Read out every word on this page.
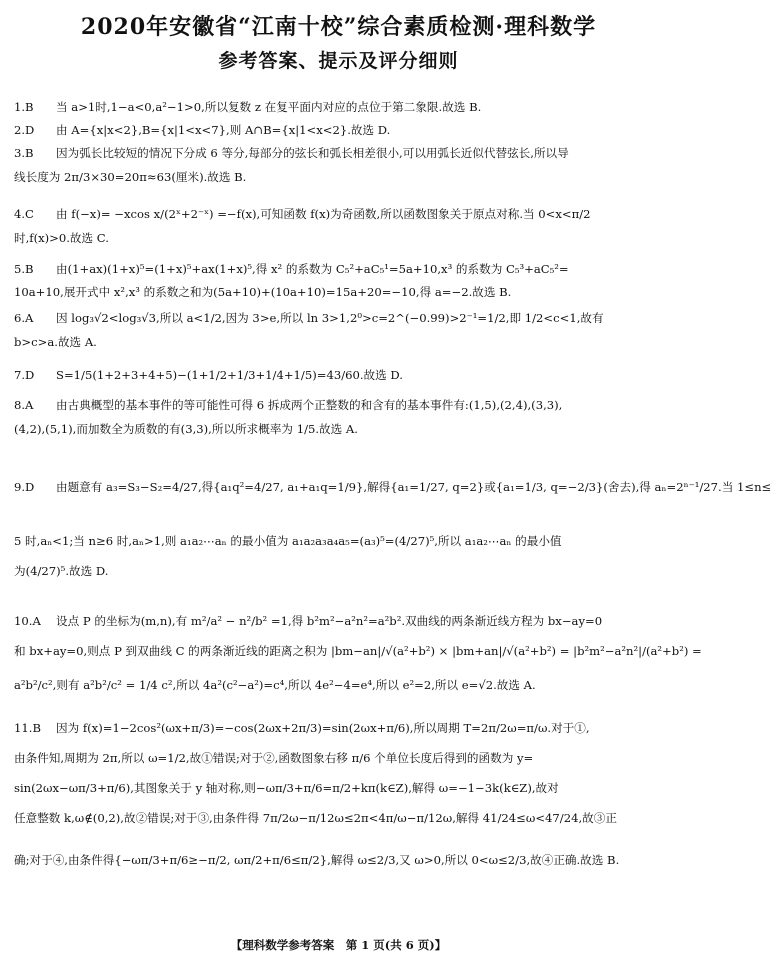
2020年安徽省“江南十校”综合素质检测·理科数学
参考答案、提示及评分细则
1.B 当 a>1时,1−a<0,a²−1>0,所以复数 z 在复平面内对应的点位于第二象限.故选 B.
2.D 由 A={x|x<2},B={x|1<x<7},则 A∩B={x|1<x<2}.故选 D.
3.B 因为弧长比较短的情况下分成 6 等分,每部分的弦长和弧长相差很小,可以用弧长近似代替弦长,所以导
线长度为 2π/3×30=20π≈63(厘米).故选 B.
4.C 由 f(−x)= −xcos x/(2ˣ+2⁻ˣ) =−f(x),可知函数 f(x)为奇函数,所以函数图象关于原点对称.当 0<x<π/2
时,f(x)>0.故选 C.
5.B 由(1+ax)(1+x)⁵=(1+x)⁵+ax(1+x)⁵,得 x² 的系数为 C₅²+aC₅¹=5a+10,x³ 的系数为 C₅³+aC₅²=
10a+10,展开式中 x²,x³ 的系数之和为(5a+10)+(10a+10)=15a+20=−10,得 a=−2.故选 B.
6.A 因 log₃√2<log₃√3,所以 a<1/2,因为 3>e,所以 ln 3>1,2⁰>c=2^(−0.99)>2⁻¹=1/2,即 1/2<c<1,故有
b>c>a.故选 A.
7.D S=1/5(1+2+3+4+5)−(1+1/2+1/3+1/4+1/5)=43/60.故选 D.
8.A 由古典概型的基本事件的等可能性可得 6 拆成两个正整数的和含有的基本事件有:(1,5),(2,4),(3,3),
(4,2),(5,1),而加数全为质数的有(3,3),所以所求概率为 1/5.故选 A.
9.D 由题意有 a₃=S₃−S₂=4/27,得{a₁q²=4/27, a₁+a₁q=1/9},解得{a₁=1/27, q=2}或{a₁=1/3, q=−2/3}(舍去),得 aₙ=2ⁿ⁻¹/27.当 1≤n≤
5 时,aₙ<1;当 n≥6 时,aₙ>1,则 a₁a₂⋯aₙ 的最小值为 a₁a₂a₃a₄a₅=(a₃)⁵=(4/27)⁵,所以 a₁a₂⋯aₙ 的最小值
为(4/27)⁵.故选 D.
10.A 设点 P 的坐标为(m,n),有 m²/a² − n²/b² =1,得 b²m²−a²n²=a²b².双曲线的两条渐近线方程为 bx−ay=0
和 bx+ay=0,则点 P 到双曲线 C 的两条渐近线的距离之积为 |bm−an|/√(a²+b²) × |bm+an|/√(a²+b²) = |b²m²−a²n²|/(a²+b²) =
a²b²/c²,则有 a²b²/c² = 1/4 c²,所以 4a²(c²−a²)=c⁴,所以 4e²−4=e⁴,所以 e²=2,所以 e=√2.故选 A.
11.B 因为 f(x)=1−2cos²(ωx+π/3)=−cos(2ωx+2π/3)=sin(2ωx+π/6),所以周期 T=2π/2ω=π/ω.对于①,
由条件知,周期为 2π,所以 ω=1/2,故①错误;对于②,函数图象右移 π/6 个单位长度后得到的函数为 y=
sin(2ωx−ωπ/3+π/6),其图象关于 y 轴对称,则−ωπ/3+π/6=π/2+kπ(k∈Z),解得 ω=−1−3k(k∈Z),故对
任意整数 k,ω∉(0,2),故②错误;对于③,由条件得 7π/2ω−π/12ω≤2π<4π/ω−π/12ω,解得 41/24≤ω<47/24,故③正
确;对于④,由条件得{−ωπ/3+π/6≥−π/2, ωπ/2+π/6≤π/2},解得 ω≤2/3,又 ω>0,所以 0<ω≤2/3,故④正确.故选 B.
【理科数学参考答案　第 1 页(共 6 页)】
